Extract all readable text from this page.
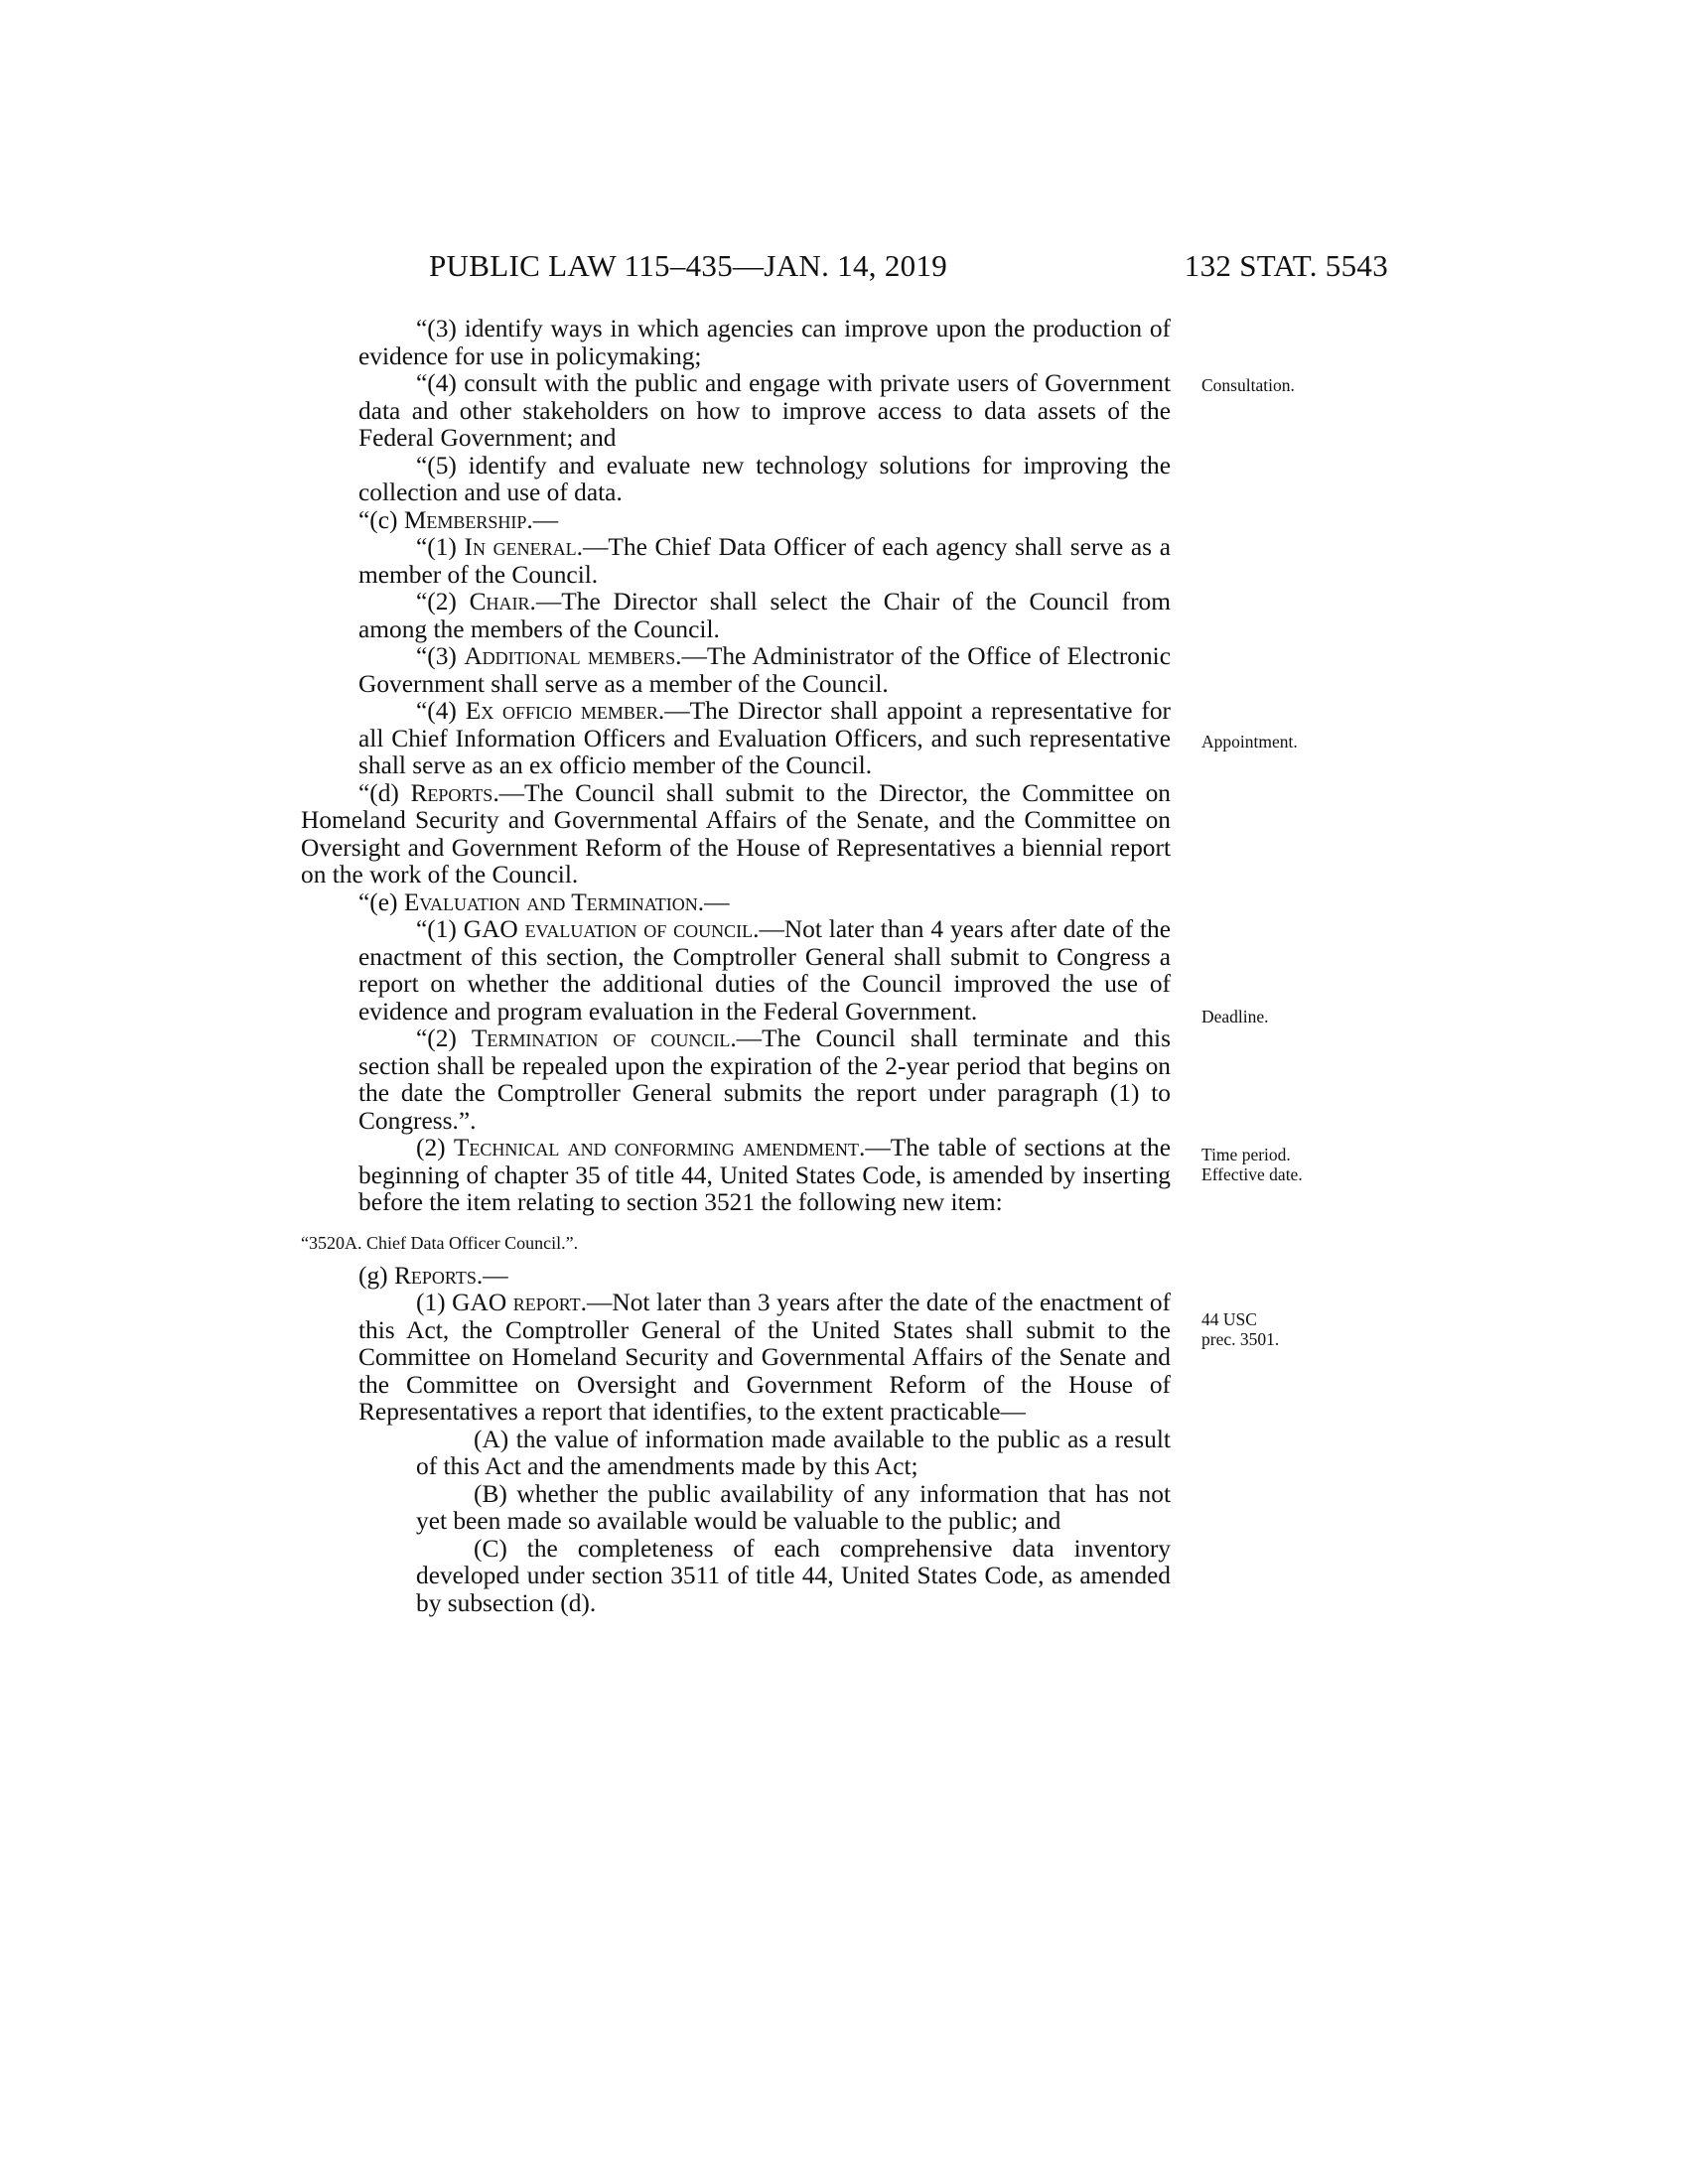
PUBLIC LAW 115–435—JAN. 14, 2019	132 STAT. 5543

“(3) identify ways in which agencies can improve upon the production of evidence for use in policymaking;

“(4) consult with the public and engage with private users of Government data and other stakeholders on how to improve access to data assets of the Federal Government; and

“(5) identify and evaluate new technology solutions for improving the collection and use of data.

“(c) Membership.—

“(1) In general.—The Chief Data Officer of each agency shall serve as a member of the Council.

“(2) Chair.—The Director shall select the Chair of the Council from among the members of the Council.

“(3) Additional members.—The Administrator of the Office of Electronic Government shall serve as a member of the Council.

“(4) Ex officio member.—The Director shall appoint a representative for all Chief Information Officers and Evaluation Officers, and such representative shall serve as an ex officio member of the Council.

“(d) Reports.—The Council shall submit to the Director, the Committee on Homeland Security and Governmental Affairs of the Senate, and the Committee on Oversight and Government Reform of the House of Representatives a biennial report on the work of the Council.

“(e) Evaluation and Termination.—

“(1) GAO evaluation of council.—Not later than 4 years after date of the enactment of this section, the Comptroller General shall submit to Congress a report on whether the additional duties of the Council improved the use of evidence and program evaluation in the Federal Government.

“(2) Termination of council.—The Council shall terminate and this section shall be repealed upon the expiration of the 2-year period that begins on the date the Comptroller General submits the report under paragraph (1) to Congress.”.

(2) Technical and conforming amendment.—The table of sections at the beginning of chapter 35 of title 44, United States Code, is amended by inserting before the item relating to section 3521 the following new item:

“3520A. Chief Data Officer Council.”.

(g) Reports.—

(1) GAO report.—Not later than 3 years after the date of the enactment of this Act, the Comptroller General of the United States shall submit to the Committee on Homeland Security and Governmental Affairs of the Senate and the Committee on Oversight and Government Reform of the House of Representatives a report that identifies, to the extent practicable—

(A) the value of information made available to the public as a result of this Act and the amendments made by this Act;

(B) whether the public availability of any information that has not yet been made so available would be valuable to the public; and

(C) the completeness of each comprehensive data inventory developed under section 3511 of title 44, United States Code, as amended by subsection (d).

Consultation.
Appointment.
Deadline.
Time period.
Effective date.
44 USC
prec. 3501.
